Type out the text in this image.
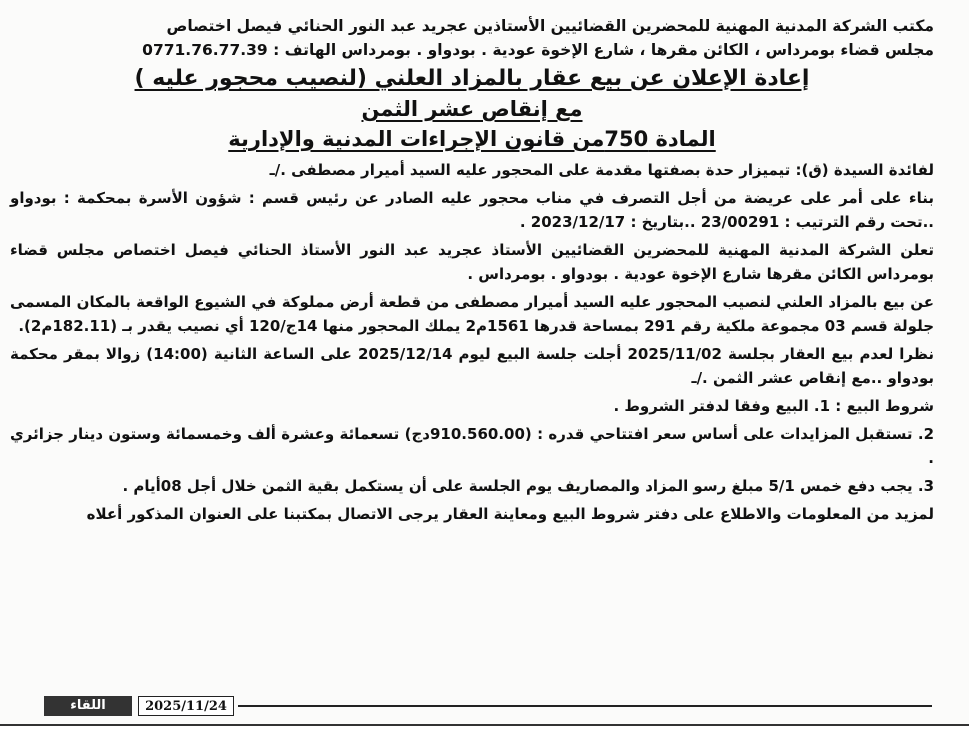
مكتب الشركة المدنية المهنية للمحضرين القضائيين الأستاذين عجريد عبد النور الحنائي فيصل اختصاص

مجلس قضاء بومرداس ، الكائن مقرها ، شارع الإخوة عودية . بودواو . بومرداس الهاتف : 0771.76.77.39

إعادة الإعلان عن بيع عقار بالمزاد العلني (لنصيب محجور عليه )

مع إنقاص عشر الثمن

المادة 750من قانون الإجراءات المدنية والإدارية

لفائدة السيدة (ق): تيميزار حدة بصفتها مقدمة على المحجور عليه السيد أميرار مصطفى ./ـ

بناء على أمر على عريضة من أجل التصرف في مناب محجور عليه الصادر عن رئيس قسم : شؤون الأسرة بمحكمة : بودواو ..تحت رقم الترتيب : 23/00291 ..بتاريخ : 2023/12/17 .

تعلن الشركة المدنية المهنية للمحضرين القضائيين الأستاذ عجريد عبد النور الأستاذ الحنائي فيصل اختصاص مجلس قضاء بومرداس الكائن مقرها شارع الإخوة عودية . بودواو . بومرداس .

عن بيع بالمزاد العلني لنصيب المحجور عليه السيد أميرار مصطفى من قطعة أرض مملوكة في الشيوع الواقعة بالمكان المسمى جلولة قسم 03 مجموعة ملكية رقم 291 بمساحة قدرها 1561م2 يملك المحجور منها 14ج/120 أي نصيب يقدر بـ (182.11م2).

نظرا لعدم بيع العقار بجلسة 2025/11/02 أجلت جلسة البيع ليوم 2025/12/14 على الساعة الثانية (14:00) زوالا بمقر محكمة بودواو ..مع إنقاص عشر الثمن ./ـ

شروط البيع : 1. البيع وفقا لدفتر الشروط .

2. تستقبل المزايدات على أساس سعر افتتاحي قدره : (910.560.00دج) تسعمائة وعشرة ألف وخمسمائة وستون دينار جزائري .

3. يجب دفع خمس 5/1 مبلغ رسو المزاد والمصاريف يوم الجلسة على أن يستكمل بقية الثمن خلال أجل 08أيام .

لمزيد من المعلومات والاطلاع على دفتر شروط البيع ومعاينة العقار يرجى الاتصال بمكتبنا على العنوان المذكور أعلاه

اللقاء	2025/11/24
